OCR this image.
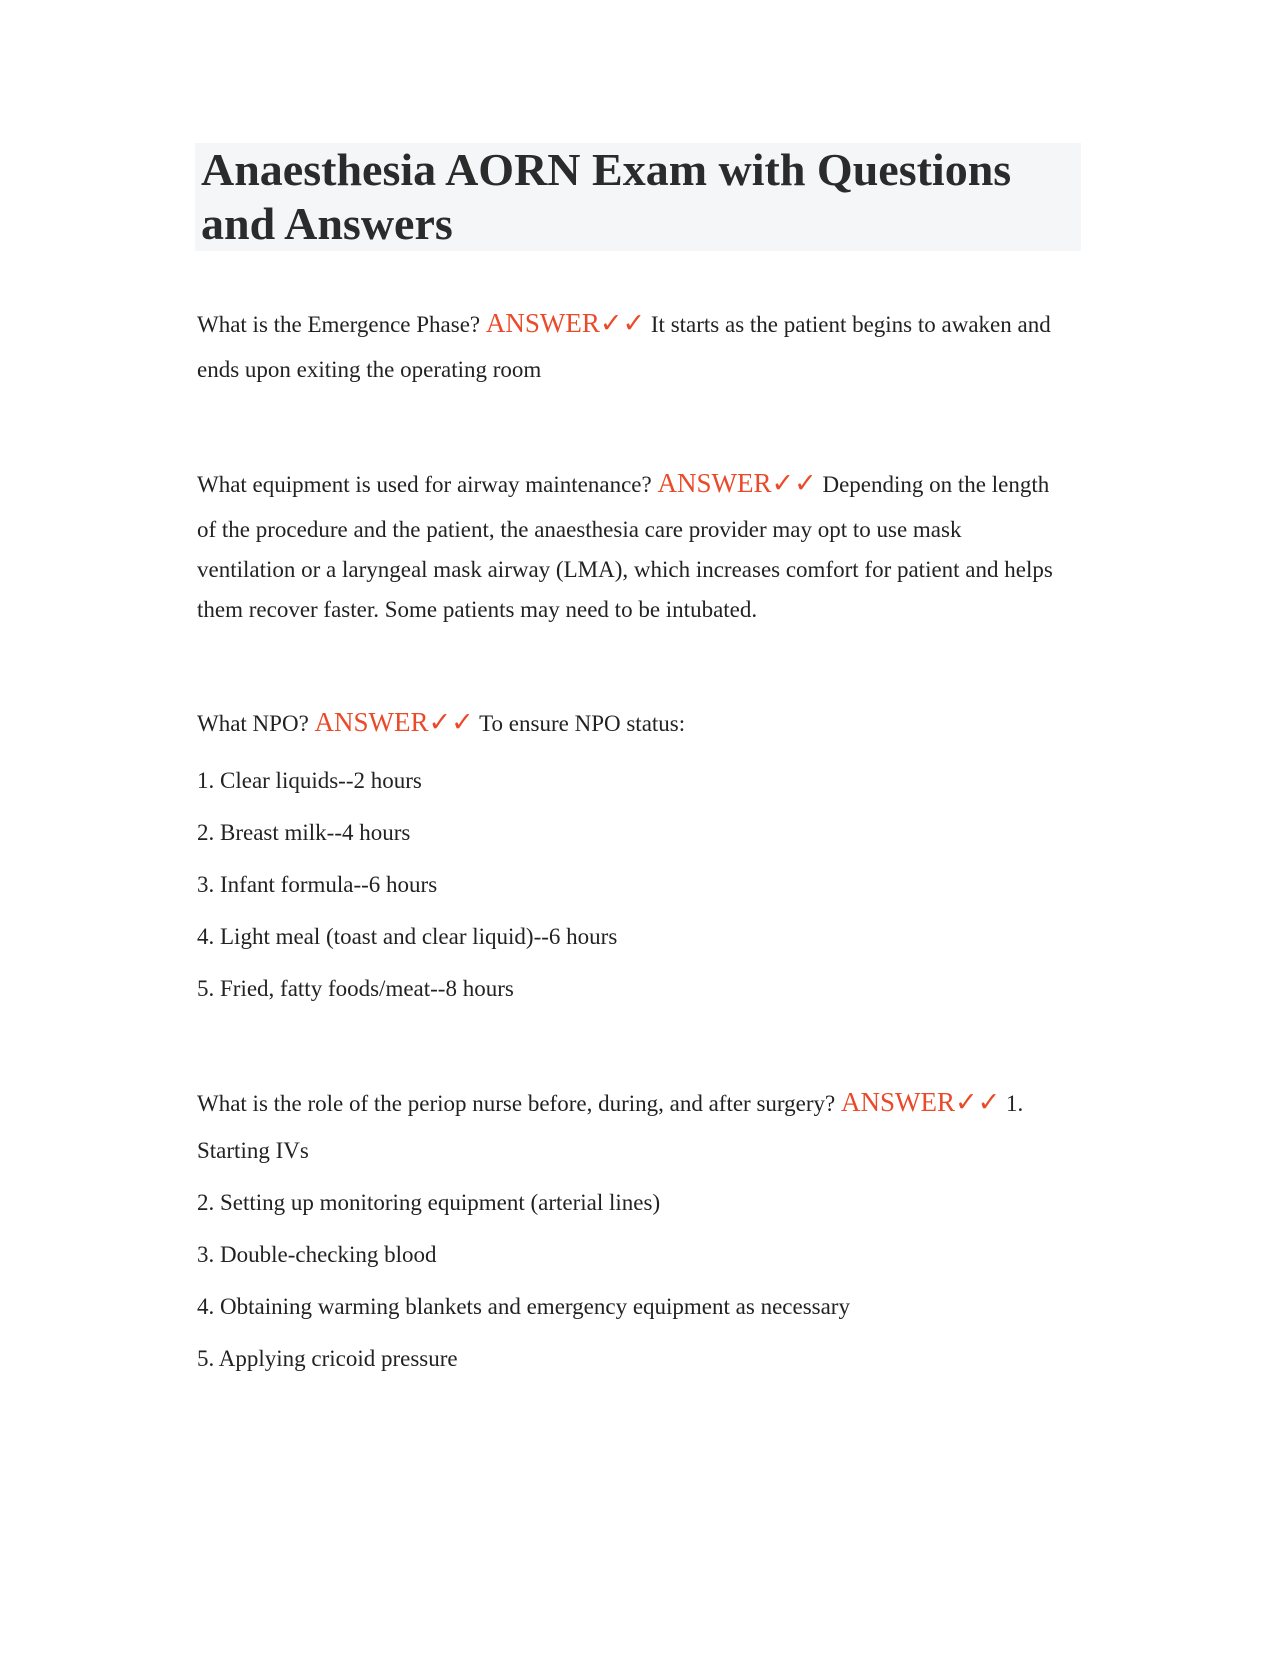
Anaesthesia AORN Exam with Questions and Answers
What is the Emergence Phase? ANSWER✓✓ It starts as the patient begins to awaken and
ends upon exiting the operating room
What equipment is used for airway maintenance? ANSWER✓✓ Depending on the length
of the procedure and the patient, the anaesthesia care provider may opt to use mask
ventilation or a laryngeal mask airway (LMA), which increases comfort for patient and helps
them recover faster. Some patients may need to be intubated.
What NPO? ANSWER✓✓ To ensure NPO status:
1. Clear liquids--2 hours
2. Breast milk--4 hours
3. Infant formula--6 hours
4. Light meal (toast and clear liquid)--6 hours
5. Fried, fatty foods/meat--8 hours
What is the role of the periop nurse before, during, and after surgery? ANSWER✓✓ 1.
Starting IVs
2. Setting up monitoring equipment (arterial lines)
3. Double-checking blood
4. Obtaining warming blankets and emergency equipment as necessary
5. Applying cricoid pressure
